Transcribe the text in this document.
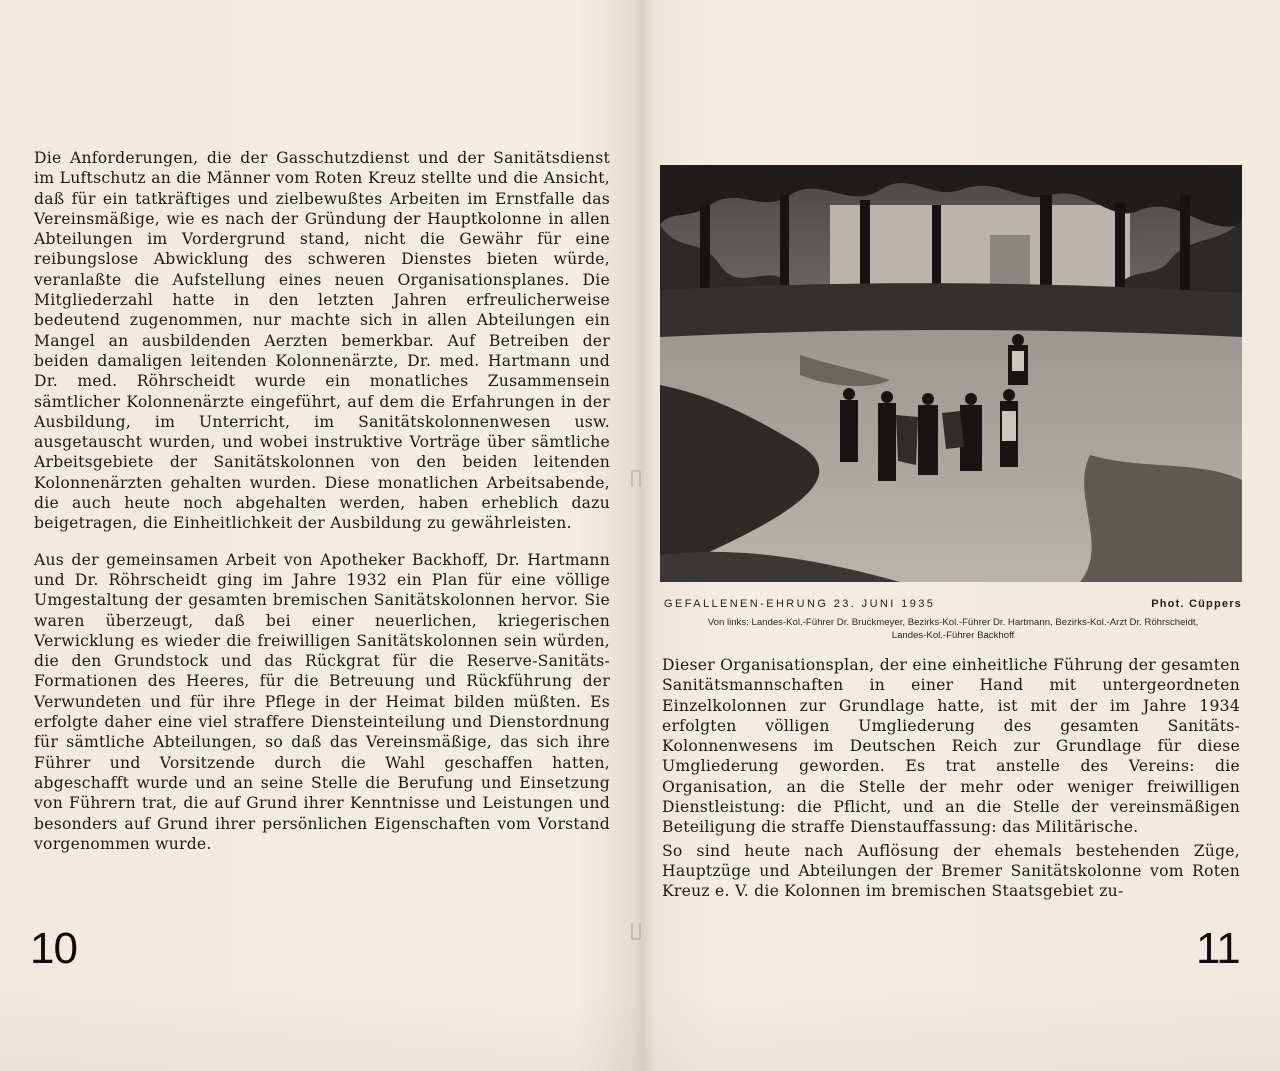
Die Anforderungen, die der Gasschutzdienst und der Sanitätsdienst im Luftschutz an die Männer vom Roten Kreuz stellte und die Ansicht, daß für ein tatkräftiges und zielbewußtes Arbeiten im Ernstfalle das Vereinsmäßige, wie es nach der Gründung der Hauptkolonne in allen Abteilungen im Vordergrund stand, nicht die Gewähr für eine reibungslose Abwicklung des schweren Dienstes bieten würde, veranlaßte die Aufstellung eines neuen Organisationsplanes. Die Mitgliederzahl hatte in den letzten Jahren erfreulicherweise bedeutend zugenommen, nur machte sich in allen Abteilungen ein Mangel an ausbildenden Aerzten bemerkbar. Auf Betreiben der beiden damaligen leitenden Kolonnenärzte, Dr. med. Hartmann und Dr. med. Röhrscheidt wurde ein monatliches Zusammensein sämtlicher Kolonnenärzte eingeführt, auf dem die Erfahrungen in der Ausbildung, im Unterricht, im Sanitätskolonnenwesen usw. ausgetauscht wurden, und wobei instruktive Vorträge über sämtliche Arbeitsgebiete der Sanitätskolonnen von den beiden leitenden Kolonnenärzten gehalten wurden. Diese monatlichen Arbeitsabende, die auch heute noch abgehalten werden, haben erheblich dazu beigetragen, die Einheitlichkeit der Ausbildung zu gewährleisten.

Aus der gemeinsamen Arbeit von Apotheker Backhoff, Dr. Hartmann und Dr. Röhrscheidt ging im Jahre 1932 ein Plan für eine völlige Umgestaltung der gesamten bremischen Sanitätskolonnen hervor. Sie waren überzeugt, daß bei einer neuerlichen, kriegerischen Verwicklung es wieder die freiwilligen Sanitätskolonnen sein würden, die den Grundstock und das Rückgrat für die Reserve-Sanitäts-Formationen des Heeres, für die Betreuung und Rückführung der Verwundeten und für ihre Pflege in der Heimat bilden müßten. Es erfolgte daher eine viel straffere Diensteinteilung und Dienstordnung für sämtliche Abteilungen, so daß das Vereinsmäßige, das sich ihre Führer und Vorsitzende durch die Wahl geschaffen hatten, abgeschafft wurde und an seine Stelle die Berufung und Einsetzung von Führern trat, die auf Grund ihrer Kenntnisse und Leistungen und besonders auf Grund ihrer persönlichen Eigenschaften vom Vorstand vorgenommen wurde.

10
GEFALLENEN-EHRUNG 23. JUNI 1935	Phot. Cüppers
Von links: Landes-Kol.-Führer Dr. Bruckmeyer, Bezirks-Kol.-Führer Dr. Hartmann, Bezirks-Kol.-Arzt Dr. Röhrscheidt,
Landes-Kol.-Führer Backhoff

Dieser Organisationsplan, der eine einheitliche Führung der gesamten Sanitätsmannschaften in einer Hand mit untergeordneten Einzelkolonnen zur Grundlage hatte, ist mit der im Jahre 1934 erfolgten völligen Umgliederung des gesamten Sanitäts-Kolonnenwesens im Deutschen Reich zur Grundlage für diese Umgliederung geworden. Es trat anstelle des Vereins: die Organisation, an die Stelle der mehr oder weniger freiwilligen Dienstleistung: die Pflicht, und an die Stelle der vereinsmäßigen Beteiligung die straffe Dienstauffassung: das Militärische.

So sind heute nach Auflösung der ehemals bestehenden Züge, Hauptzüge und Abteilungen der Bremer Sanitätskolonne vom Roten Kreuz e. V. die Kolonnen im bremischen Staatsgebiet zu-

11
